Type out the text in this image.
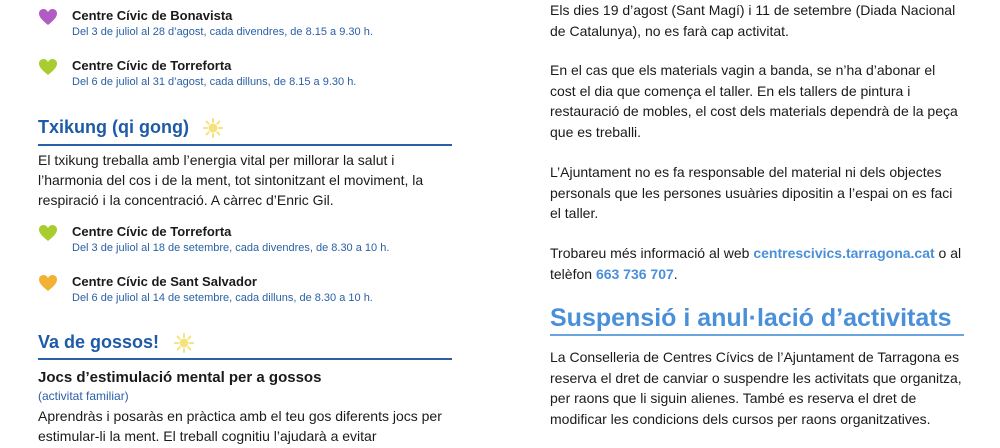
Centre Cívic de Bonavista
Del 3 de juliol al 28 d’agost, cada divendres, de 8.15 a 9.30 h.
Centre Cívic de Torreforta
Del 6 de juliol al 31 d’agost, cada dilluns, de 8.15 a 9.30 h.
Txikung (qi gong)

El txikung treballa amb l’energia vital per millorar la salut i l’harmonia del cos i de la ment, tot sintonitzant el moviment, la respiració i la concentració. A càrrec d’Enric Gil.

Centre Cívic de Torreforta
Del 3 de juliol al 18 de setembre, cada divendres, de 8.30 a 10 h.
Centre Cívic de Sant Salvador
Del 6 de juliol al 14 de setembre, cada dilluns, de 8.30 a 10 h.
Va de gossos!
Jocs d’estimulació mental per a gossos
(activitat familiar)

Aprendràs i posaràs en pràctica amb el teu gos diferents jocs per estimular-li la ment. El treball cognitiu l’ajudarà a evitar

Els dies 19 d’agost (Sant Magí) i 11 de setembre (Diada Nacional de Catalunya), no es farà cap activitat.

En el cas que els materials vagin a banda, se n’ha d’abonar el cost el dia que comença el taller. En els tallers de pintura i restauració de mobles, el cost dels materials dependrà de la peça que es treballi.

L’Ajuntament no es fa responsable del material ni dels objectes personals que les persones usuàries dipositin a l’espai on es faci el taller.

Trobareu més informació al web centrescivics.tarragona.cat o al telèfon 663 736 707.

Suspensió i anul·lació d’activitats

La Conselleria de Centres Cívics de l’Ajuntament de Tarragona es reserva el dret de canviar o suspendre les activitats que organitza, per raons que li siguin alienes. També es reserva el dret de modificar les condicions dels cursos per raons organitzatives.
